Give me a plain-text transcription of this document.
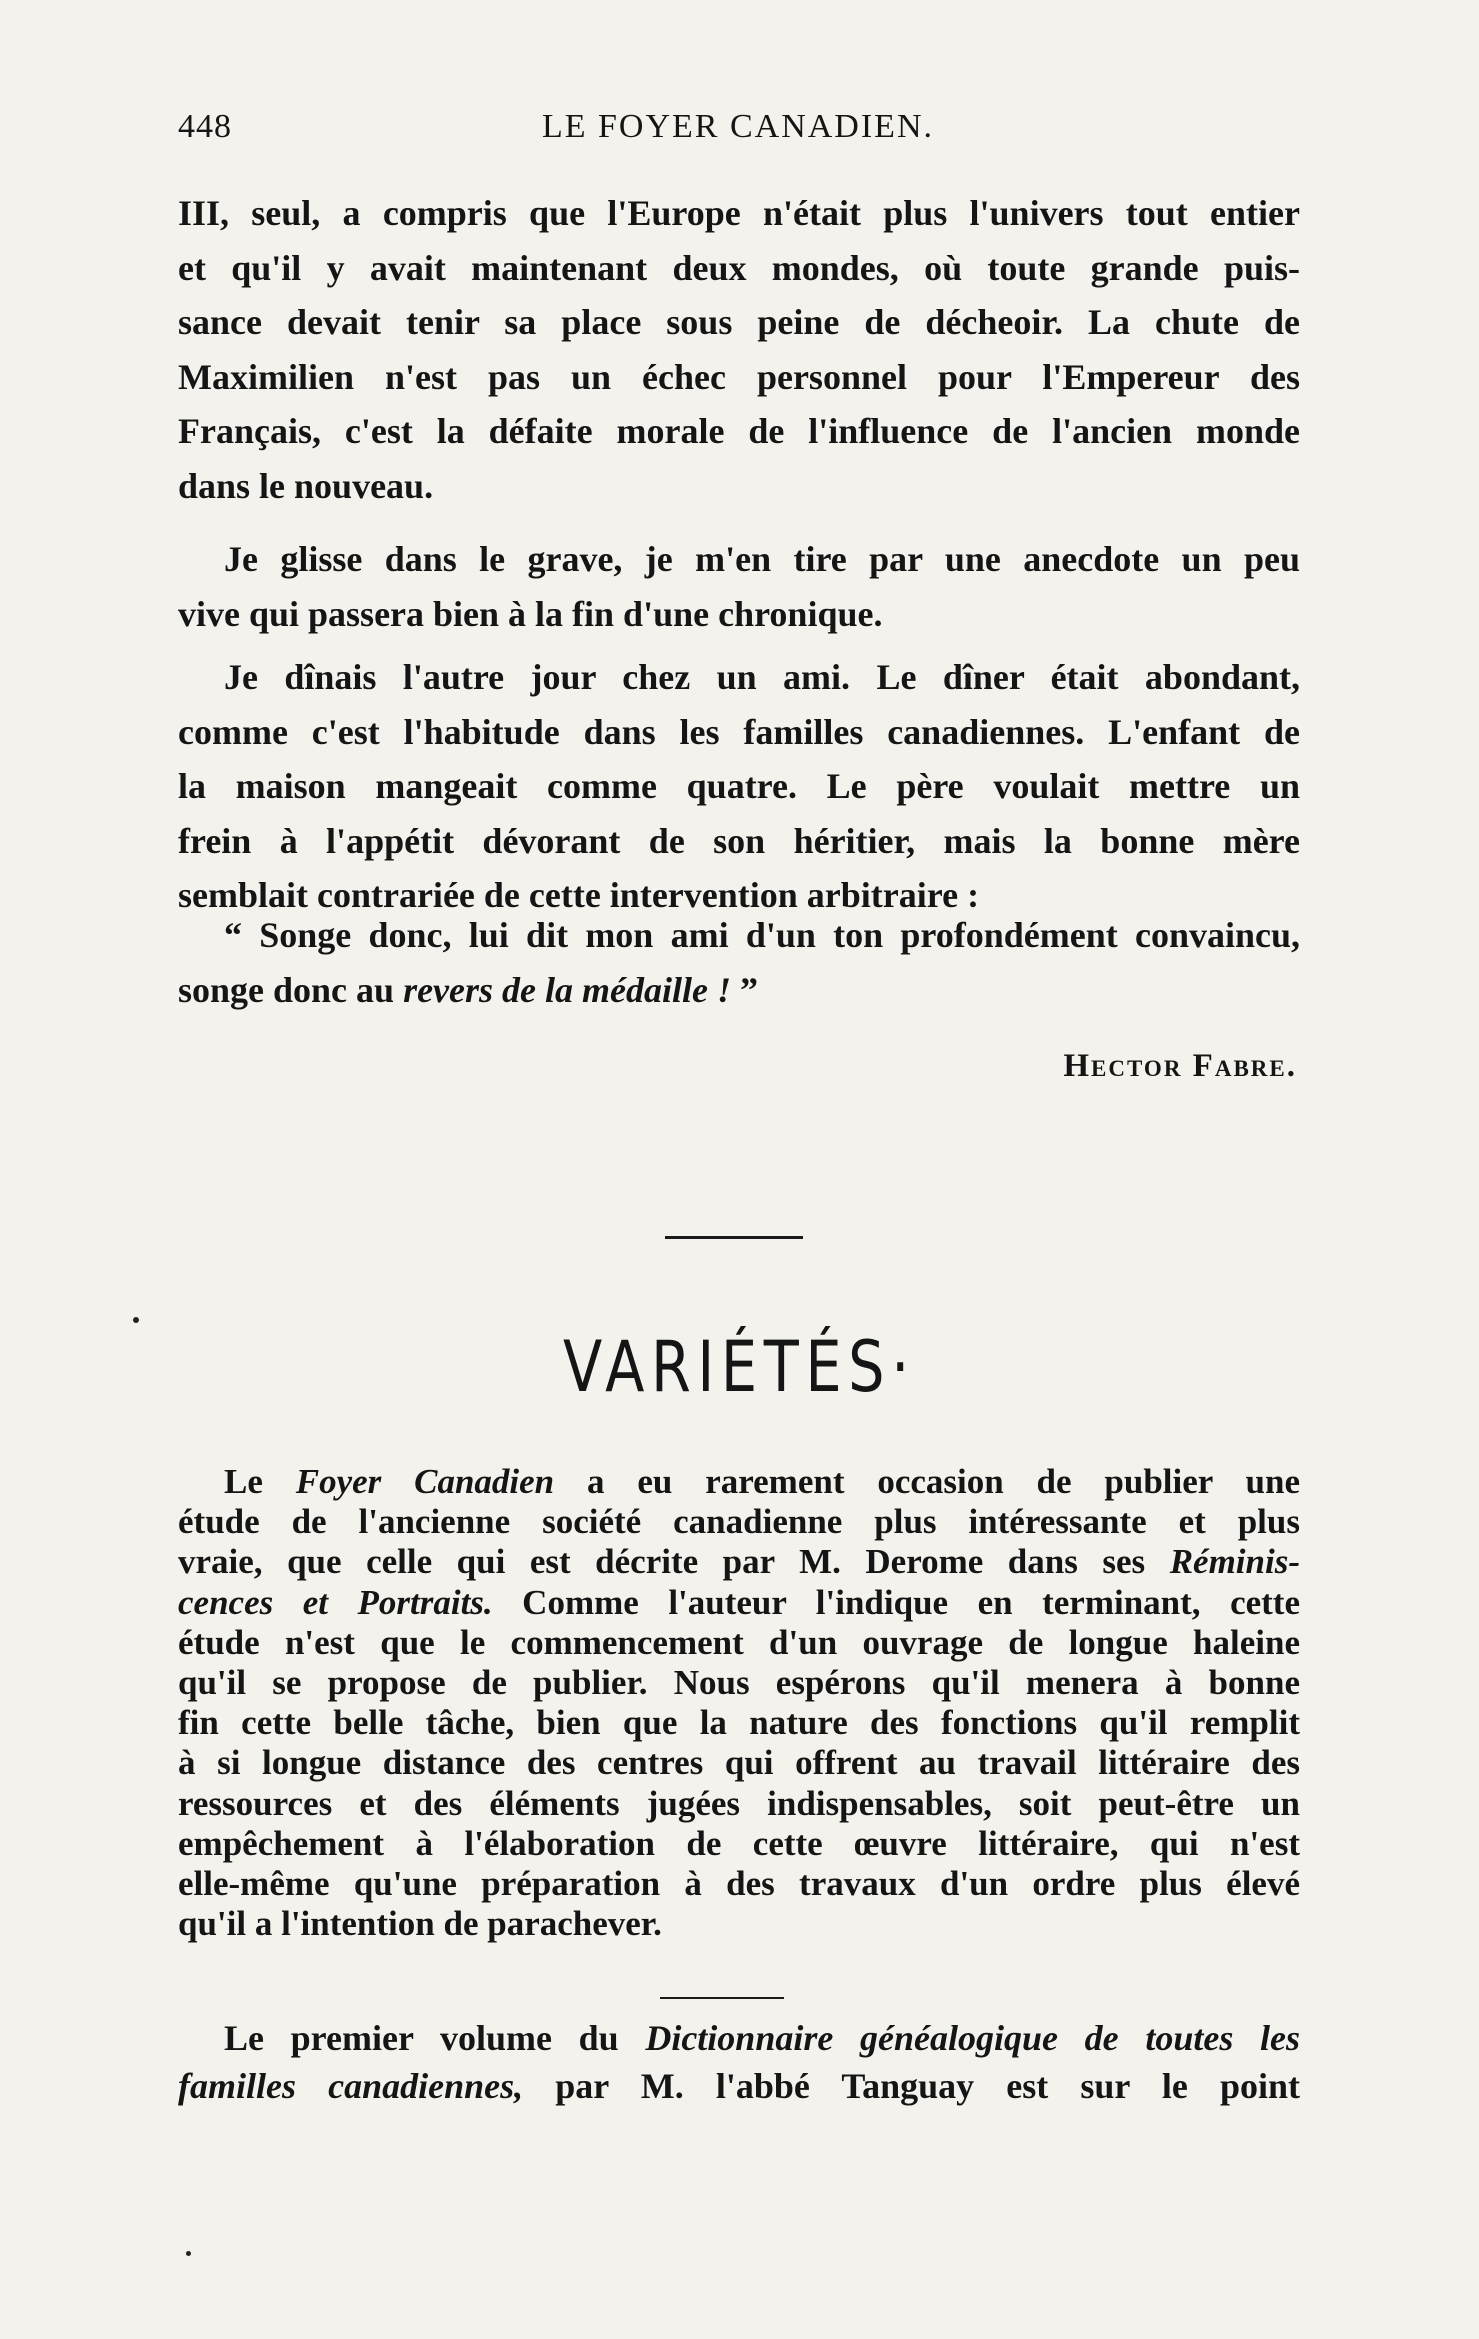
448	LE FOYER CANADIEN.
III, seul, a compris que l'Europe n'était plus l'univers tout entier
et qu'il y avait maintenant deux mondes, où toute grande puis-
sance devait tenir sa place sous peine de décheoir. La chute de
Maximilien n'est pas un échec personnel pour l'Empereur des
Français, c'est la défaite morale de l'influence de l'ancien monde
dans le nouveau.
Je glisse dans le grave, je m'en tire par une anecdote un peu
vive qui passera bien à la fin d'une chronique.
Je dînais l'autre jour chez un ami. Le dîner était abondant,
comme c'est l'habitude dans les familles canadiennes. L'enfant de
la maison mangeait comme quatre. Le père voulait mettre un
frein à l'appétit dévorant de son héritier, mais la bonne mère
semblait contrariée de cette intervention arbitraire :
“ Songe donc, lui dit mon ami d'un ton profondément convaincu,
songe donc au revers de la médaille ! ”
Hector Fabre.
VARIÉTÉS·
Le Foyer Canadien a eu rarement occasion de publier une
étude de l'ancienne société canadienne plus intéressante et plus
vraie, que celle qui est décrite par M. Derome dans ses Réminis-
cences et Portraits. Comme l'auteur l'indique en terminant, cette
étude n'est que le commencement d'un ouvrage de longue haleine
qu'il se propose de publier. Nous espérons qu'il menera à bonne
fin cette belle tâche, bien que la nature des fonctions qu'il remplit
à si longue distance des centres qui offrent au travail littéraire des
ressources et des éléments jugées indispensables, soit peut-être un
empêchement à l'élaboration de cette œuvre littéraire, qui n'est
elle-même qu'une préparation à des travaux d'un ordre plus élevé
qu'il a l'intention de parachever.
Le premier volume du Dictionnaire généalogique de toutes les
familles canadiennes, par M. l'abbé Tanguay est sur le point
